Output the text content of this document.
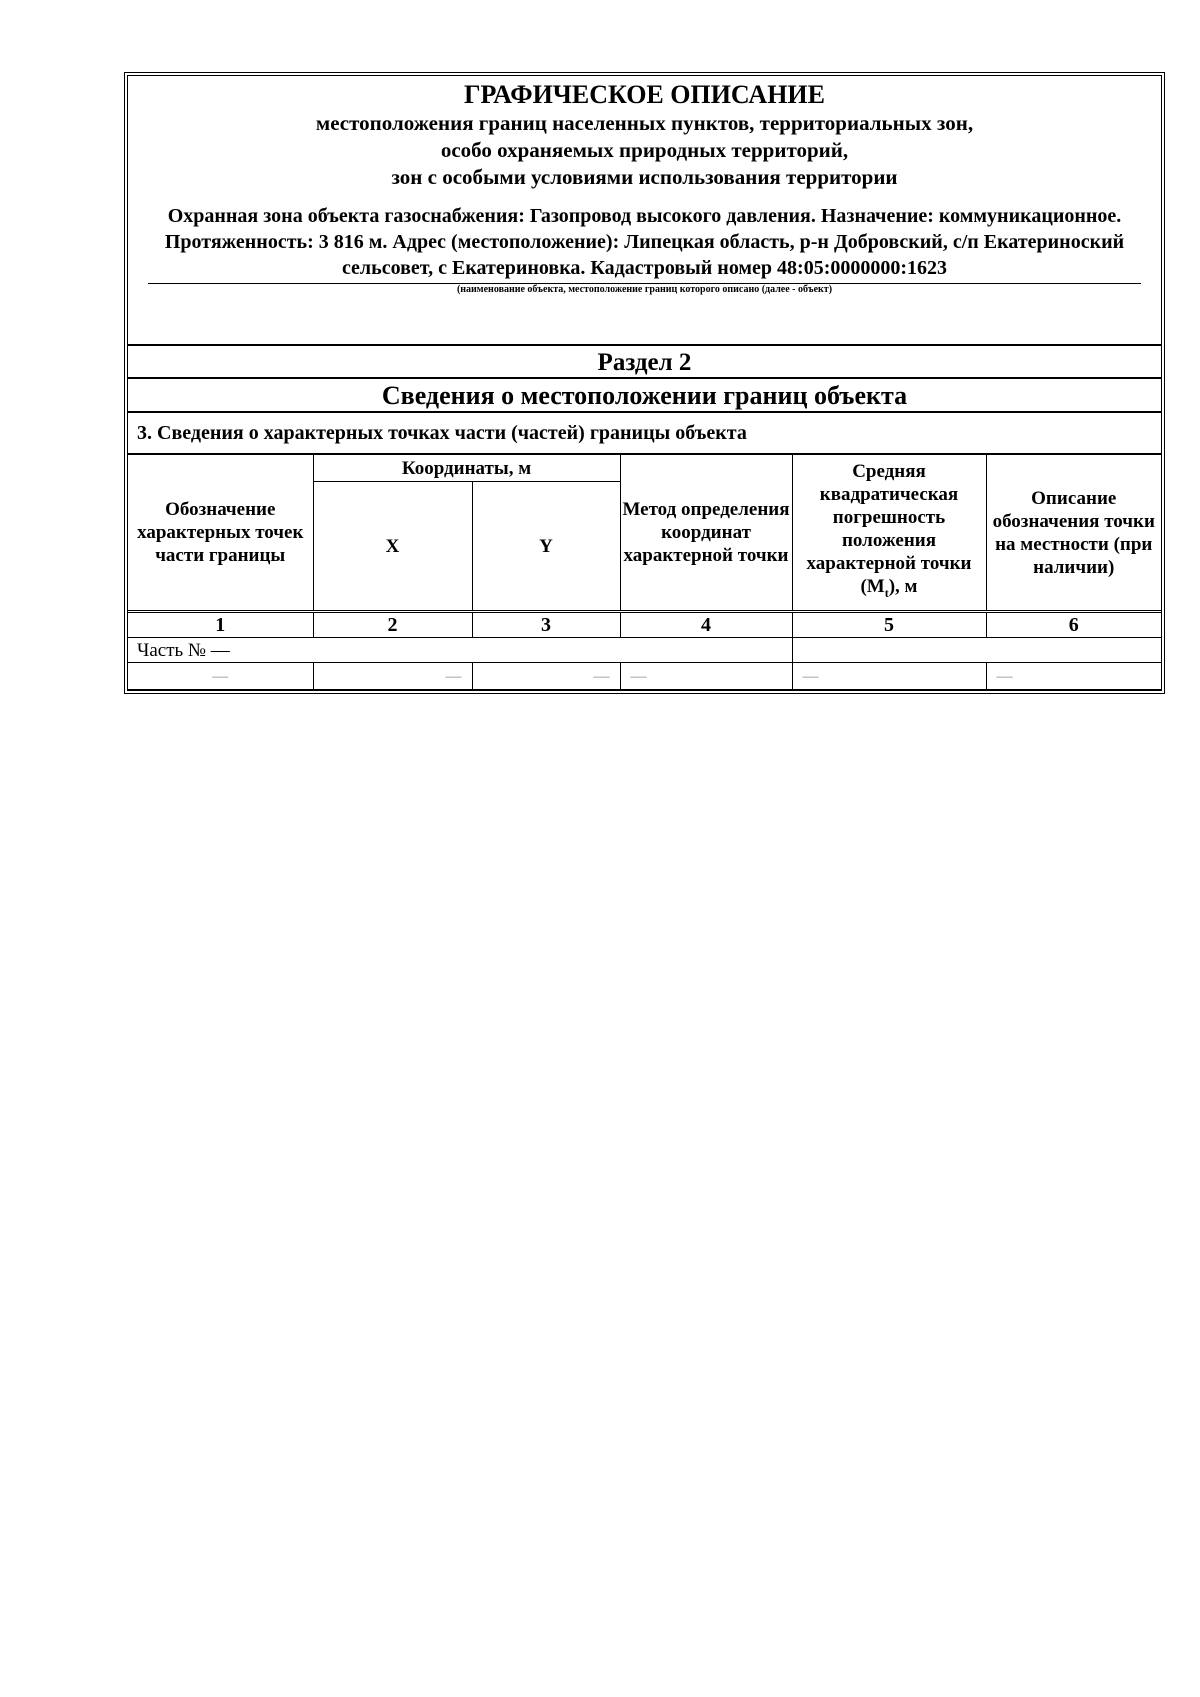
ГРАФИЧЕСКОЕ ОПИСАНИЕ
местоположения границ населенных пунктов, территориальных зон,
особо охраняемых природных территорий,
зон с особыми условиями использования территории
Охранная зона объекта газоснабжения: Газопровод высокого давления. Назначение: коммуникационное. Протяженность: 3 816 м. Адрес (местоположение): Липецкая область, р-н Добровский, с/п Екатериноский сельсовет, с Екатериновка. Кадастровый номер 48:05:0000000:1623
(наименование объекта, местоположение границ которого описано (далее - объект)
Раздел 2
Сведения о местоположении границ объекта
3. Сведения о характерных точках части (частей) границы объекта
Обозначение характерных точек части границы	Координаты, м		Метод определения координат характерной точки	Средняя квадратическая погрешность положения характерной точки $(M_t)$, м	Описание обозначения точки на местности (при наличии)
	X	Y			
1	2	3	4	5	6
Часть № —					
—	—	—	—	—	—
